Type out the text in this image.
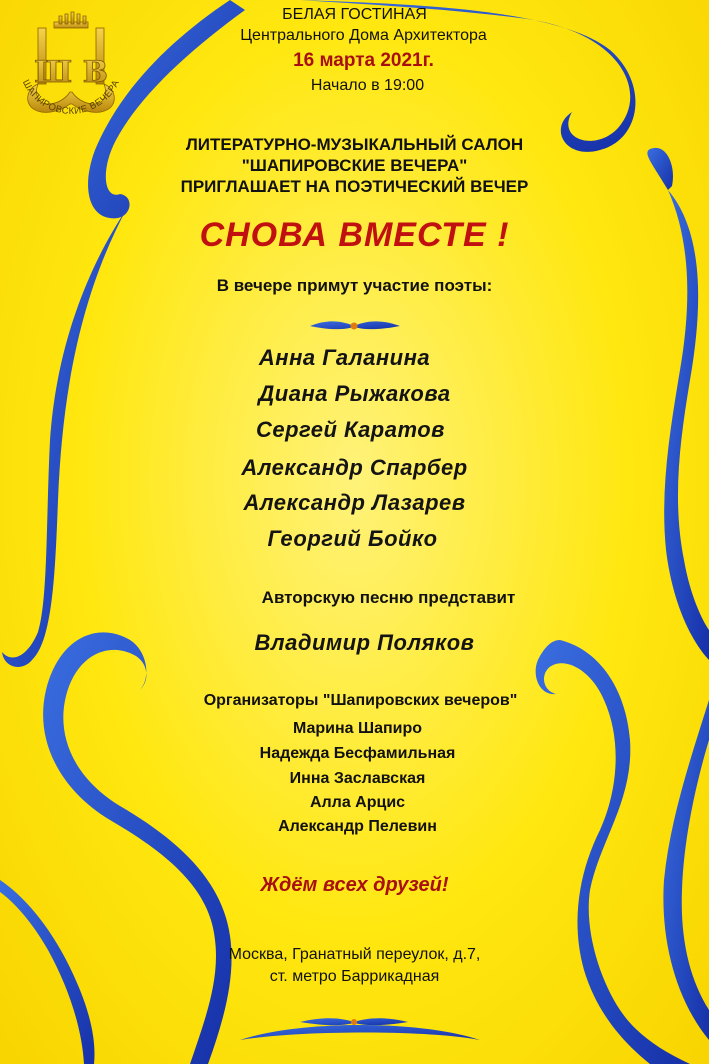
Ш В
ШАПИРОВСКИЕ ВЕЧЕРА

БЕЛАЯ ГОСТИНАЯ

Центрального Дома Архитектора

16 марта 2021г.

Начало в 19:00

ЛИТЕРАТУРНО-МУЗЫКАЛЬНЫЙ САЛОН

"ШАПИРОВСКИЕ ВЕЧЕРА"

ПРИГЛАШАЕТ НА ПОЭТИЧЕСКИЙ ВЕЧЕР

СНОВА ВМЕСТЕ !

В вечере примут участие поэты:

Анна Галанина

Диана Рыжакова

Сергей Каратов

Александр Спарбер

Александр Лазарев

Георгий Бойко

Авторскую песню представит

Владимир Поляков

Организаторы "Шапировских вечеров"

Марина Шапиро

Надежда Бесфамильная

Инна Заславская

Алла Арцис

Александр Пелевин

Ждём всех друзей!

Москва, Гранатный переулок, д.7,

ст. метро Баррикадная
